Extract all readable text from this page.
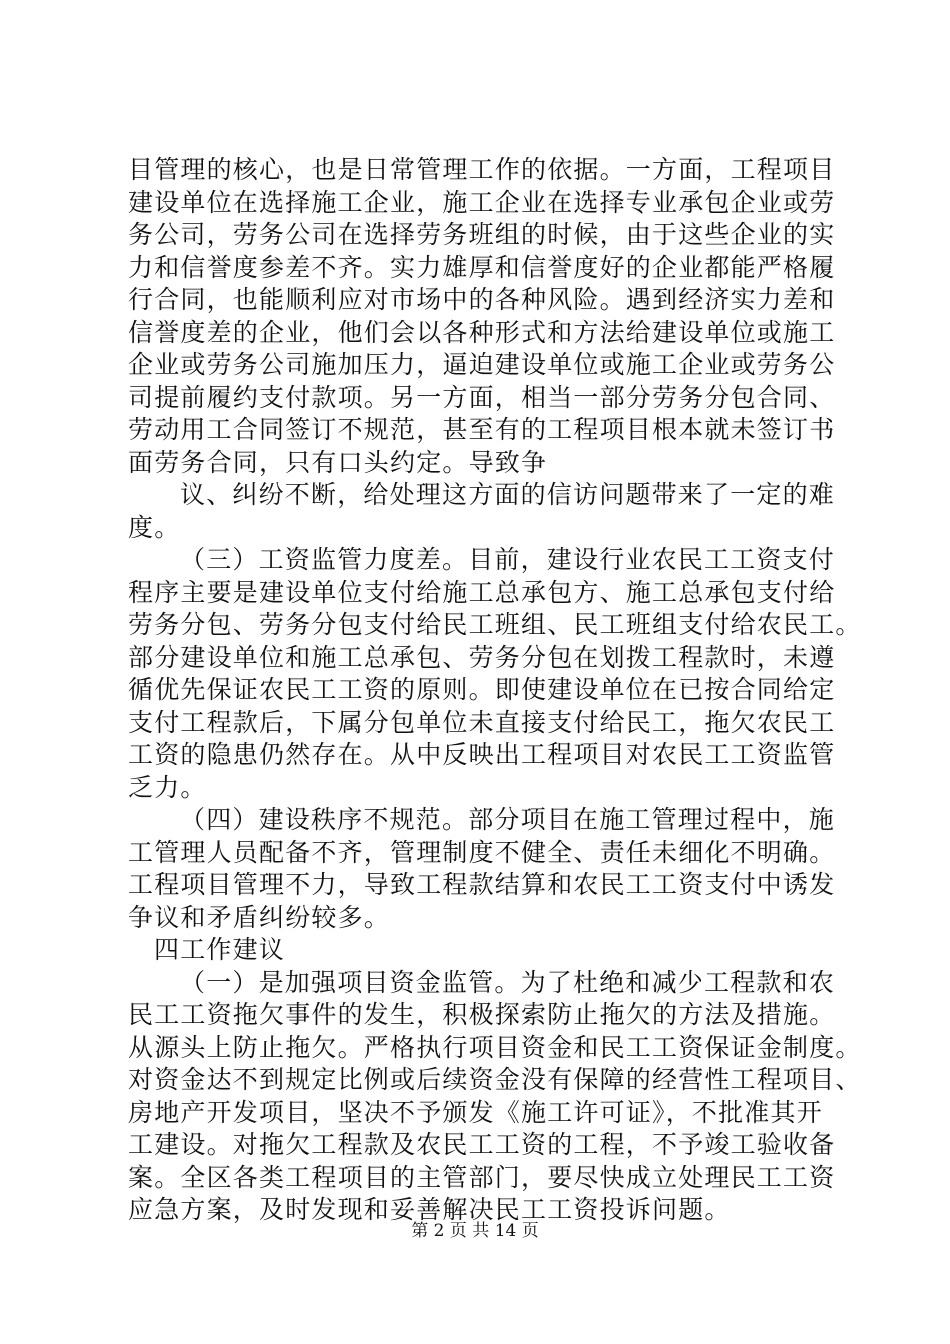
目管理的核心，也是日常管理工作的依据。一方面，工程项目
建设单位在选择施工企业，施工企业在选择专业承包企业或劳
务公司，劳务公司在选择劳务班组的时候，由于这些企业的实
力和信誉度参差不齐。实力雄厚和信誉度好的企业都能严格履
行合同，也能顺利应对市场中的各种风险。遇到经济实力差和
信誉度差的企业，他们会以各种形式和方法给建设单位或施工
企业或劳务公司施加压力，逼迫建设单位或施工企业或劳务公
司提前履约支付款项。另一方面，相当一部分劳务分包合同、
劳动用工合同签订不规范，甚至有的工程项目根本就未签订书
面劳务合同，只有口头约定。导致争
议、纠纷不断，给处理这方面的信访问题带来了一定的难
度。
（三）工资监管力度差。目前，建设行业农民工工资支付
程序主要是建设单位支付给施工总承包方、施工总承包支付给
劳务分包、劳务分包支付给民工班组、民工班组支付给农民工。
部分建设单位和施工总承包、劳务分包在划拨工程款时，未遵
循优先保证农民工工资的原则。即使建设单位在已按合同给定
支付工程款后，下属分包单位未直接支付给民工，拖欠农民工
工资的隐患仍然存在。从中反映出工程项目对农民工工资监管
乏力。
（四）建设秩序不规范。部分项目在施工管理过程中，施
工管理人员配备不齐，管理制度不健全、责任未细化不明确。
工程项目管理不力，导致工程款结算和农民工工资支付中诱发
争议和矛盾纠纷较多。
四工作建议
（一）是加强项目资金监管。为了杜绝和减少工程款和农
民工工资拖欠事件的发生，积极探索防止拖欠的方法及措施。
从源头上防止拖欠。严格执行项目资金和民工工资保证金制度。
对资金达不到规定比例或后续资金没有保障的经营性工程项目、
房地产开发项目，坚决不予颁发《施工许可证》，不批准其开
工建设。对拖欠工程款及农民工工资的工程，不予竣工验收备
案。全区各类工程项目的主管部门，要尽快成立处理民工工资
应急方案，及时发现和妥善解决民工工资投诉问题。
第 2 页 共 14 页
